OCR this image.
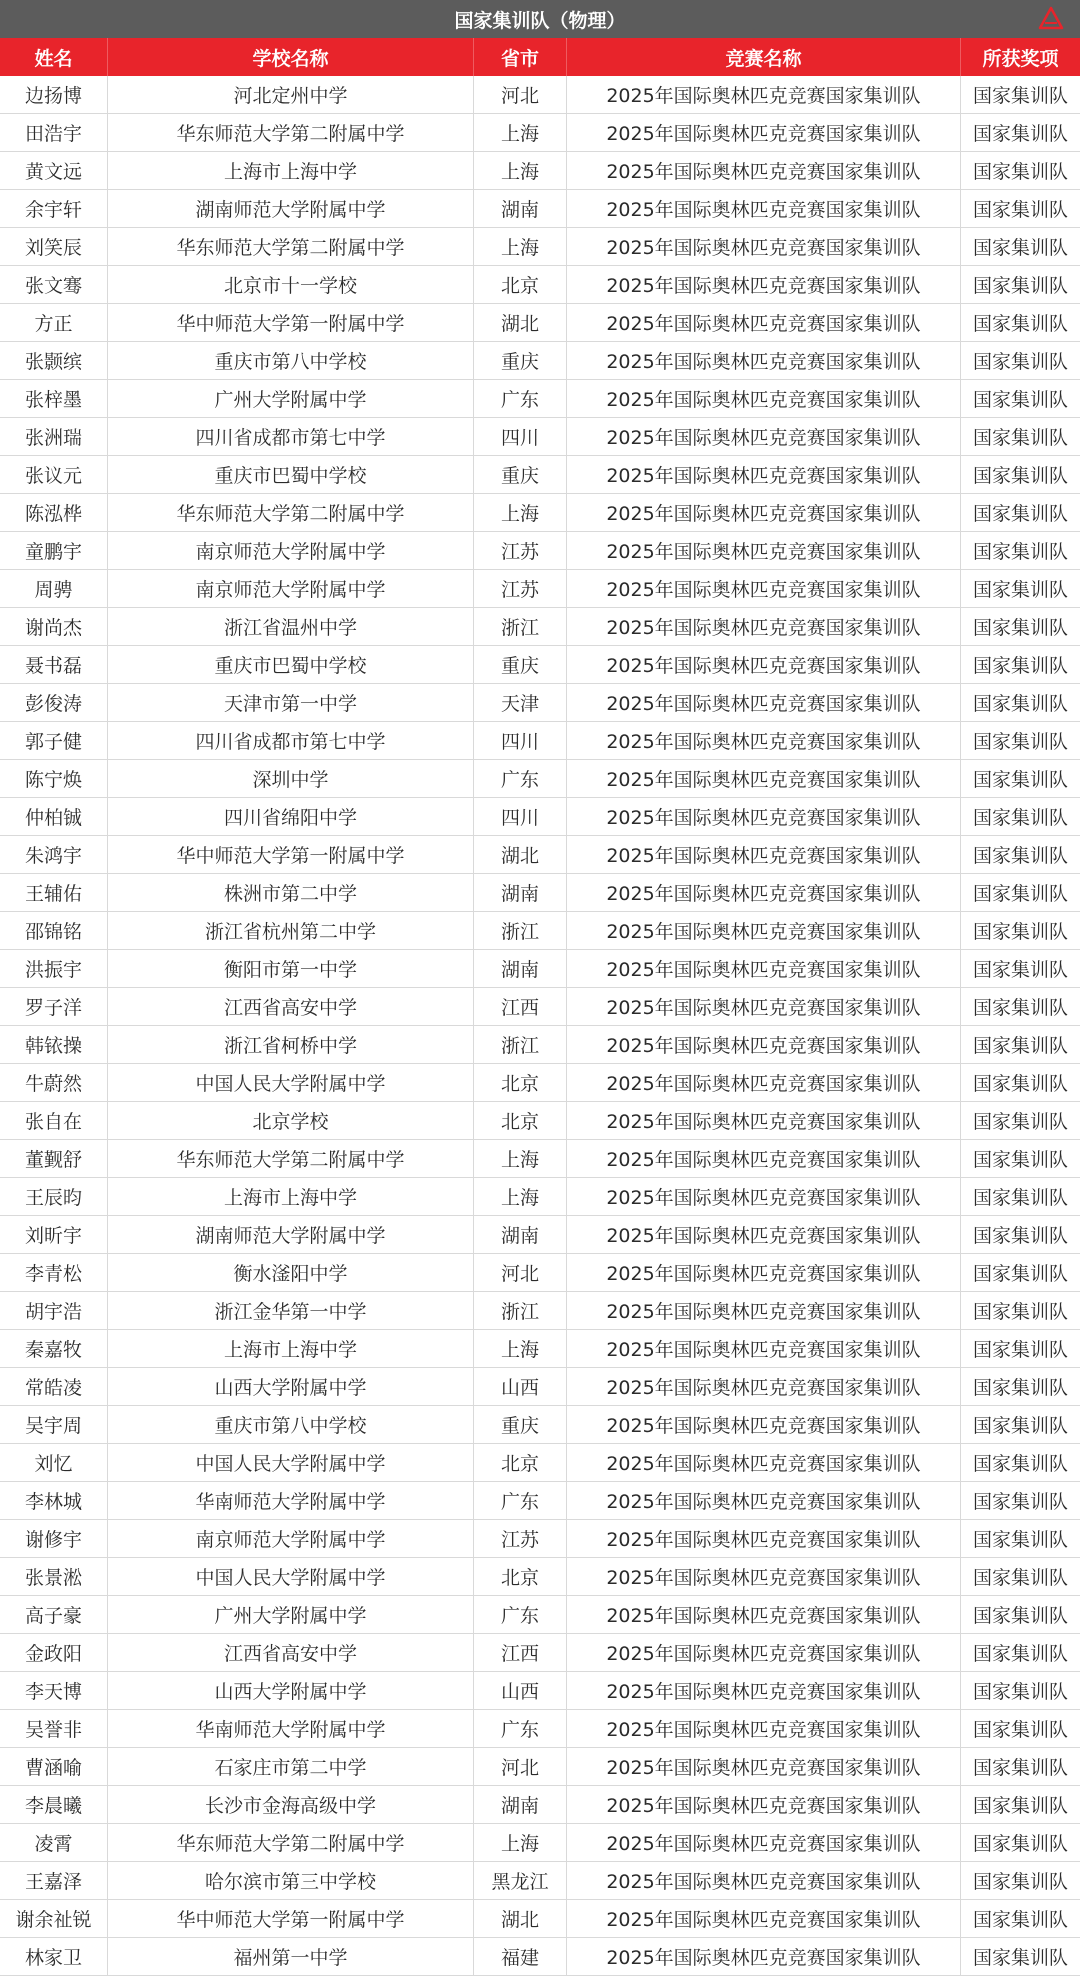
国家集训队（物理）
姓名	学校名称	省市	竞赛名称	所获奖项
边扬博	河北定州中学	河北	2025年国际奥林匹克竞赛国家集训队	国家集训队
田浩宇	华东师范大学第二附属中学	上海	2025年国际奥林匹克竞赛国家集训队	国家集训队
黄文远	上海市上海中学	上海	2025年国际奥林匹克竞赛国家集训队	国家集训队
余宇轩	湖南师范大学附属中学	湖南	2025年国际奥林匹克竞赛国家集训队	国家集训队
刘笑辰	华东师范大学第二附属中学	上海	2025年国际奥林匹克竞赛国家集训队	国家集训队
张文骞	北京市十一学校	北京	2025年国际奥林匹克竞赛国家集训队	国家集训队
方正	华中师范大学第一附属中学	湖北	2025年国际奥林匹克竞赛国家集训队	国家集训队
张颢缤	重庆市第八中学校	重庆	2025年国际奥林匹克竞赛国家集训队	国家集训队
张梓墨	广州大学附属中学	广东	2025年国际奥林匹克竞赛国家集训队	国家集训队
张洲瑞	四川省成都市第七中学	四川	2025年国际奥林匹克竞赛国家集训队	国家集训队
张议元	重庆市巴蜀中学校	重庆	2025年国际奥林匹克竞赛国家集训队	国家集训队
陈泓桦	华东师范大学第二附属中学	上海	2025年国际奥林匹克竞赛国家集训队	国家集训队
童鹏宇	南京师范大学附属中学	江苏	2025年国际奥林匹克竞赛国家集训队	国家集训队
周骋	南京师范大学附属中学	江苏	2025年国际奥林匹克竞赛国家集训队	国家集训队
谢尚杰	浙江省温州中学	浙江	2025年国际奥林匹克竞赛国家集训队	国家集训队
聂书磊	重庆市巴蜀中学校	重庆	2025年国际奥林匹克竞赛国家集训队	国家集训队
彭俊涛	天津市第一中学	天津	2025年国际奥林匹克竞赛国家集训队	国家集训队
郭子健	四川省成都市第七中学	四川	2025年国际奥林匹克竞赛国家集训队	国家集训队
陈宁焕	深圳中学	广东	2025年国际奥林匹克竞赛国家集训队	国家集训队
仲柏铖	四川省绵阳中学	四川	2025年国际奥林匹克竞赛国家集训队	国家集训队
朱鸿宇	华中师范大学第一附属中学	湖北	2025年国际奥林匹克竞赛国家集训队	国家集训队
王辅佑	株洲市第二中学	湖南	2025年国际奥林匹克竞赛国家集训队	国家集训队
邵锦铭	浙江省杭州第二中学	浙江	2025年国际奥林匹克竞赛国家集训队	国家集训队
洪振宇	衡阳市第一中学	湖南	2025年国际奥林匹克竞赛国家集训队	国家集训队
罗子洋	江西省高安中学	江西	2025年国际奥林匹克竞赛国家集训队	国家集训队
韩铱操	浙江省柯桥中学	浙江	2025年国际奥林匹克竞赛国家集训队	国家集训队
牛蔚然	中国人民大学附属中学	北京	2025年国际奥林匹克竞赛国家集训队	国家集训队
张自在	北京学校	北京	2025年国际奥林匹克竞赛国家集训队	国家集训队
董觐舒	华东师范大学第二附属中学	上海	2025年国际奥林匹克竞赛国家集训队	国家集训队
王辰昀	上海市上海中学	上海	2025年国际奥林匹克竞赛国家集训队	国家集训队
刘昕宇	湖南师范大学附属中学	湖南	2025年国际奥林匹克竞赛国家集训队	国家集训队
李青松	衡水滏阳中学	河北	2025年国际奥林匹克竞赛国家集训队	国家集训队
胡宇浩	浙江金华第一中学	浙江	2025年国际奥林匹克竞赛国家集训队	国家集训队
秦嘉牧	上海市上海中学	上海	2025年国际奥林匹克竞赛国家集训队	国家集训队
常皓凌	山西大学附属中学	山西	2025年国际奥林匹克竞赛国家集训队	国家集训队
吴宇周	重庆市第八中学校	重庆	2025年国际奥林匹克竞赛国家集训队	国家集训队
刘忆	中国人民大学附属中学	北京	2025年国际奥林匹克竞赛国家集训队	国家集训队
李林城	华南师范大学附属中学	广东	2025年国际奥林匹克竞赛国家集训队	国家集训队
谢修宇	南京师范大学附属中学	江苏	2025年国际奥林匹克竞赛国家集训队	国家集训队
张景淞	中国人民大学附属中学	北京	2025年国际奥林匹克竞赛国家集训队	国家集训队
高子豪	广州大学附属中学	广东	2025年国际奥林匹克竞赛国家集训队	国家集训队
金政阳	江西省高安中学	江西	2025年国际奥林匹克竞赛国家集训队	国家集训队
李天博	山西大学附属中学	山西	2025年国际奥林匹克竞赛国家集训队	国家集训队
吴誉非	华南师范大学附属中学	广东	2025年国际奥林匹克竞赛国家集训队	国家集训队
曹涵喻	石家庄市第二中学	河北	2025年国际奥林匹克竞赛国家集训队	国家集训队
李晨曦	长沙市金海高级中学	湖南	2025年国际奥林匹克竞赛国家集训队	国家集训队
凌霄	华东师范大学第二附属中学	上海	2025年国际奥林匹克竞赛国家集训队	国家集训队
王嘉泽	哈尔滨市第三中学校	黑龙江	2025年国际奥林匹克竞赛国家集训队	国家集训队
谢余祉锐	华中师范大学第一附属中学	湖北	2025年国际奥林匹克竞赛国家集训队	国家集训队
林家卫	福州第一中学	福建	2025年国际奥林匹克竞赛国家集训队	国家集训队
